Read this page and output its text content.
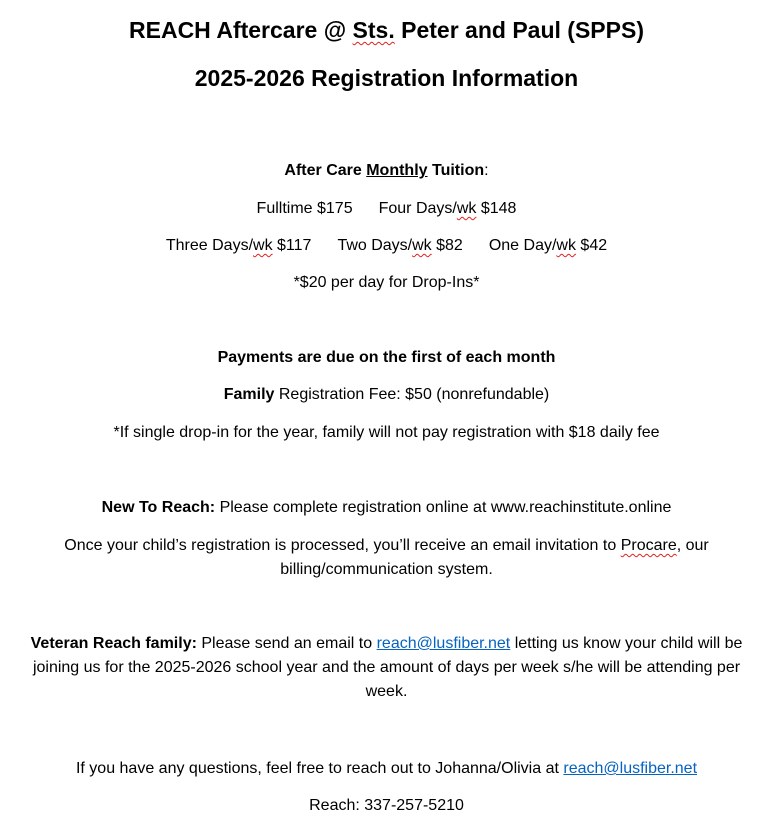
REACH Aftercare @ Sts. Peter and Paul (SPPS)
2025-2026 Registration Information
After Care Monthly Tuition:
Fulltime $175 Four Days/wk $148
Three Days/wk $117 Two Days/wk $82 One Day/wk $42
*$20 per day for Drop-Ins*
Payments are due on the first of each month
Family Registration Fee: $50 (nonrefundable)
*If single drop-in for the year, family will not pay registration with $18 daily fee
New To Reach: Please complete registration online at www.reachinstitute.online
Once your child’s registration is processed, you’ll receive an email invitation to Procare, our
billing/communication system.
Veteran Reach family: Please send an email to reach@lusfiber.net letting us know your child will be
joining us for the 2025-2026 school year and the amount of days per week s/he will be attending per
week.
If you have any questions, feel free to reach out to Johanna/Olivia at reach@lusfiber.net
Reach: 337-257-5210
